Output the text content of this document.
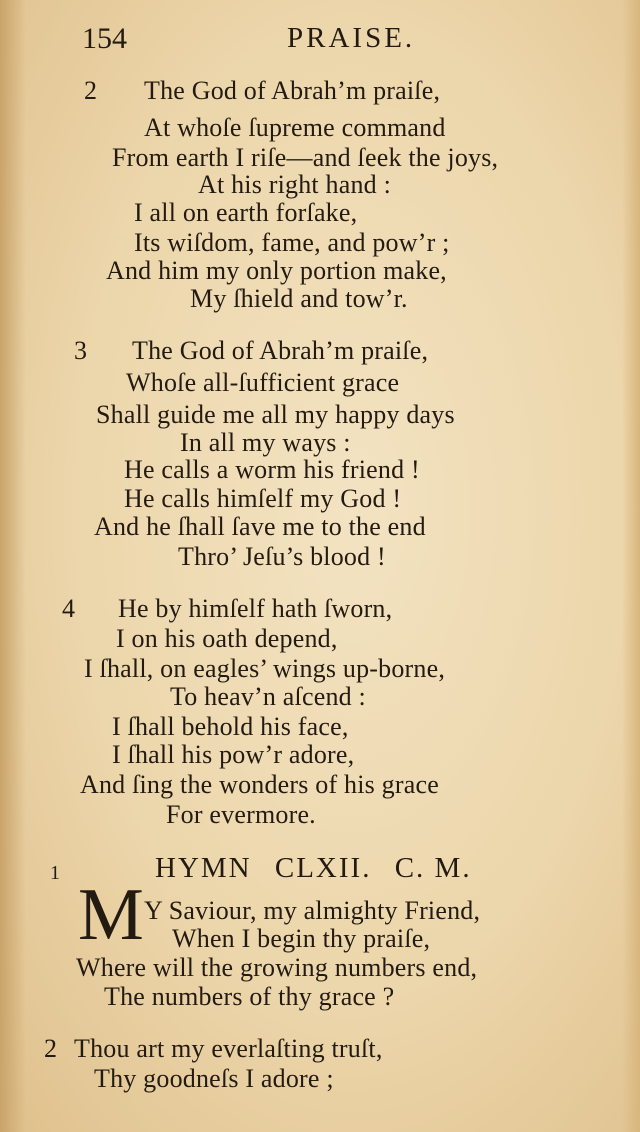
154	PRAISE.
2 The God of Abrah’m praiſe,
At whoſe ſupreme command
From earth I riſe—and ſeek the joys,
At his right hand :
I all on earth forſake,
Its wiſdom, fame, and pow’r ;
And him my only portion make,
My ſhield and tow’r.
3 The God of Abrah’m praiſe,
Whoſe all-ſufficient grace
Shall guide me all my happy days
In all my ways :
He calls a worm his friend !
He calls himſelf my God !
And he ſhall ſave me to the end
Thro’ Jeſu’s blood !
4 He by himſelf hath ſworn,
I on his oath depend,
I ſhall, on eagles’ wings up-borne,
To heav’n aſcend :
I ſhall behold his face,
I ſhall his pow’r adore,
And ſing the wonders of his grace
For evermore.
HYMN CLXII. C. M.
1
M Y Saviour, my almighty Friend,
When I begin thy praiſe,
Where will the growing numbers end,
The numbers of thy grace ?
2 Thou art my everlaſting truſt,
Thy goodneſs I adore ;
